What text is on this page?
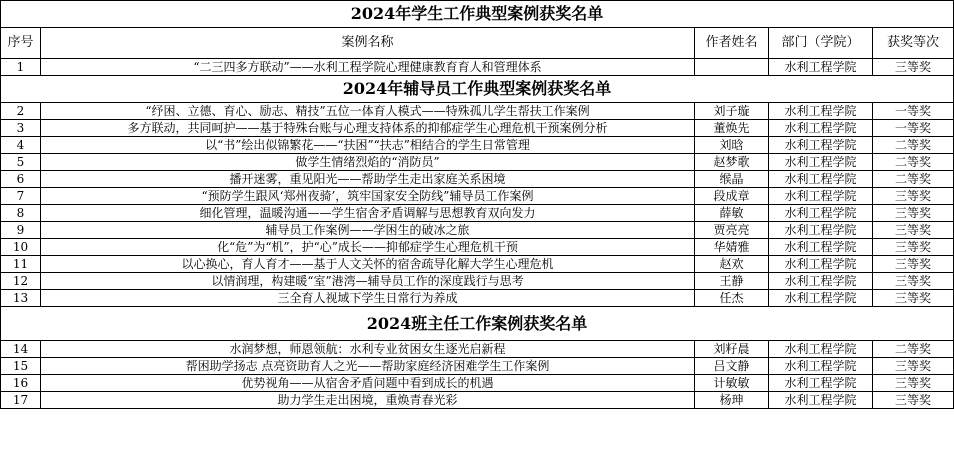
2024年学生工作典型案例获奖名单				
序号	案例名称	作者姓名	部门（学院）	获奖等次
1	“二三四多方联动”——水利工程学院心理健康教育育人和管理体系		水利工程学院	三等奖
2024年辅导员工作典型案例获奖名单				
2	“纾困、立德、育心、励志、精技”五位一体育人模式——特殊孤儿学生帮扶工作案例	刘子璇	水利工程学院	一等奖
3	多方联动，共同呵护——基于特殊台账与心理支持体系的抑郁症学生心理危机干预案例分析	董焕先	水利工程学院	一等奖
4	以“书”绘出似锦繁花——“扶困”“扶志”相结合的学生日常管理	刘晗	水利工程学院	二等奖
5	做学生情绪烈焰的“消防员”	赵梦歌	水利工程学院	二等奖
6	播开迷雾，重见阳光——帮助学生走出家庭关系困境	缑晶	水利工程学院	二等奖
7	“预防学生跟风‘郑州夜骑’，筑牢国家安全防线”辅导员工作案例	段成章	水利工程学院	三等奖
8	细化管理，温暖沟通——学生宿舍矛盾调解与思想教育双向发力	薛敏	水利工程学院	三等奖
9	辅导员工作案例——学困生的破冰之旅	贾亮亮	水利工程学院	三等奖
10	化“危”为“机”，护“心”成长——抑郁症学生心理危机干预	华婧雅	水利工程学院	三等奖
11	以心换心，育人育才——基于人文关怀的宿舍疏导化解大学生心理危机	赵欢	水利工程学院	三等奖
12	以情润理，构建暖“室”港湾—辅导员工作的深度践行与思考	王静	水利工程学院	三等奖
13	三全育人视域下学生日常行为养成	任杰	水利工程学院	三等奖
2024班主任工作案例获奖名单				
14	水润梦想，师恩领航：水利专业贫困女生逐光启新程	刘籽晨	水利工程学院	二等奖
15	帮困助学扬志 点亮资助育人之光——帮助家庭经济困难学生工作案例	吕文静	水利工程学院	三等奖
16	优势视角——从宿舍矛盾问题中看到成长的机遇	计敏敏	水利工程学院	三等奖
17	助力学生走出困境，重焕青春光彩	杨珅	水利工程学院	三等奖
